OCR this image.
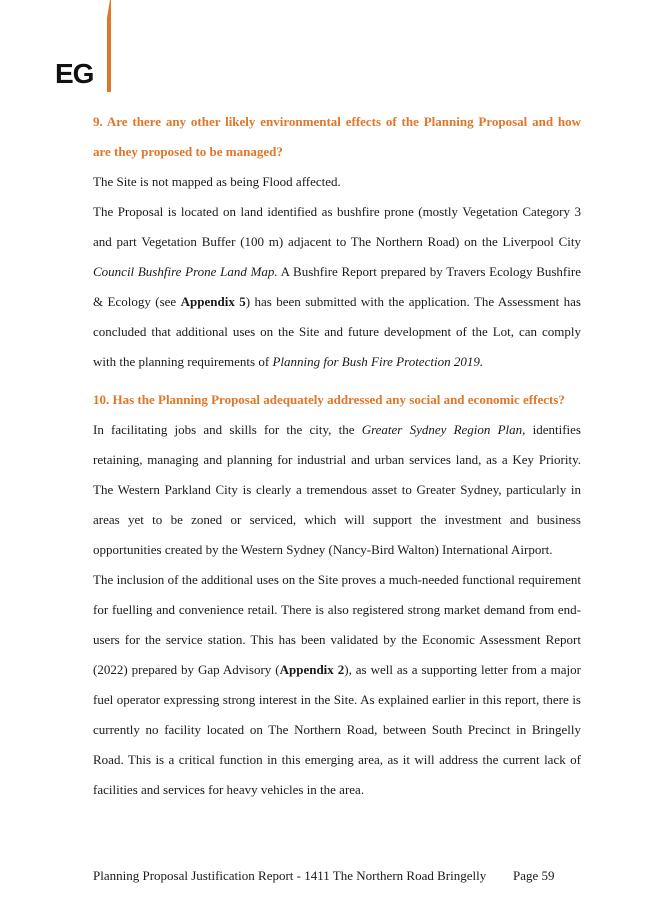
EG

9. Are there any other likely environmental effects of the Planning Proposal and how are they proposed to be managed?

The Site is not mapped as being Flood affected.

The Proposal is located on land identified as bushfire prone (mostly Vegetation Category 3 and part Vegetation Buffer (100 m) adjacent to The Northern Road) on the Liverpool City Council Bushfire Prone Land Map. A Bushfire Report prepared by Travers Ecology Bushfire & Ecology (see Appendix 5) has been submitted with the application. The Assessment has concluded that additional uses on the Site and future development of the Lot, can comply with the planning requirements of Planning for Bush Fire Protection 2019.

10. Has the Planning Proposal adequately addressed any social and economic effects?

In facilitating jobs and skills for the city, the Greater Sydney Region Plan, identifies retaining, managing and planning for industrial and urban services land, as a Key Priority. The Western Parkland City is clearly a tremendous asset to Greater Sydney, particularly in areas yet to be zoned or serviced, which will support the investment and business opportunities created by the Western Sydney (Nancy-Bird Walton) International Airport.

The inclusion of the additional uses on the Site proves a much-needed functional requirement for fuelling and convenience retail. There is also registered strong market demand from end-users for the service station. This has been validated by the Economic Assessment Report (2022) prepared by Gap Advisory (Appendix 2), as well as a supporting letter from a major fuel operator expressing strong interest in the Site. As explained earlier in this report, there is currently no facility located on The Northern Road, between South Precinct in Bringelly Road. This is a critical function in this emerging area, as it will address the current lack of facilities and services for heavy vehicles in the area.

Planning Proposal Justification Report - 1411 The Northern Road Bringelly Page 59
